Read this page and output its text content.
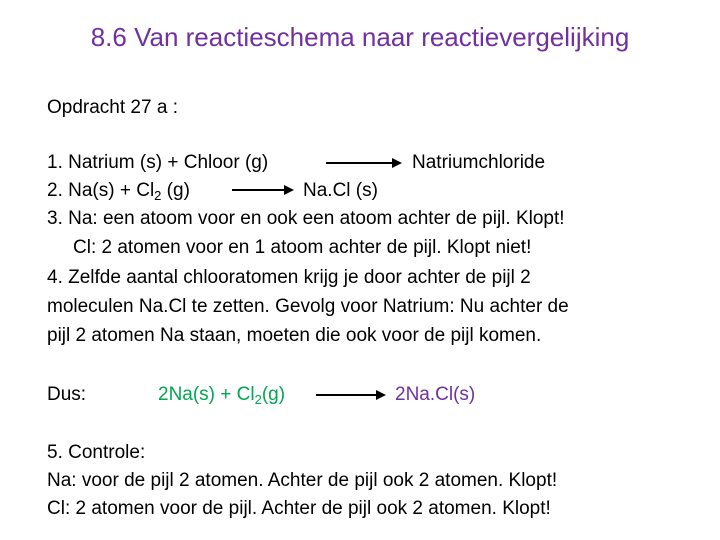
8.6 Van reactieschema naar reactievergelijking
Opdracht 27 a :
1. Natrium (s) + Chloor (g)	Natriumchloride
2. $Na(s) + Cl_2$ (g)	Na.Cl (s)
3. Na: een atoom voor en ook een atoom achter de pijl. Klopt!
Cl: 2 atomen voor en 1 atoom achter de pijl. Klopt niet!
4. Zelfde aantal chlooratomen krijg je door achter de pijl 2
moleculen Na.Cl te zetten. Gevolg voor Natrium: Nu achter de
pijl 2 atomen Na staan, moeten die ook voor de pijl komen.
Dus:	$2Na(s) + Cl_2(g)$	2Na.Cl(s)
5. Controle:
Na: voor de pijl 2 atomen. Achter de pijl ook 2 atomen. Klopt!
Cl: 2 atomen voor de pijl. Achter de pijl ook 2 atomen. Klopt!
